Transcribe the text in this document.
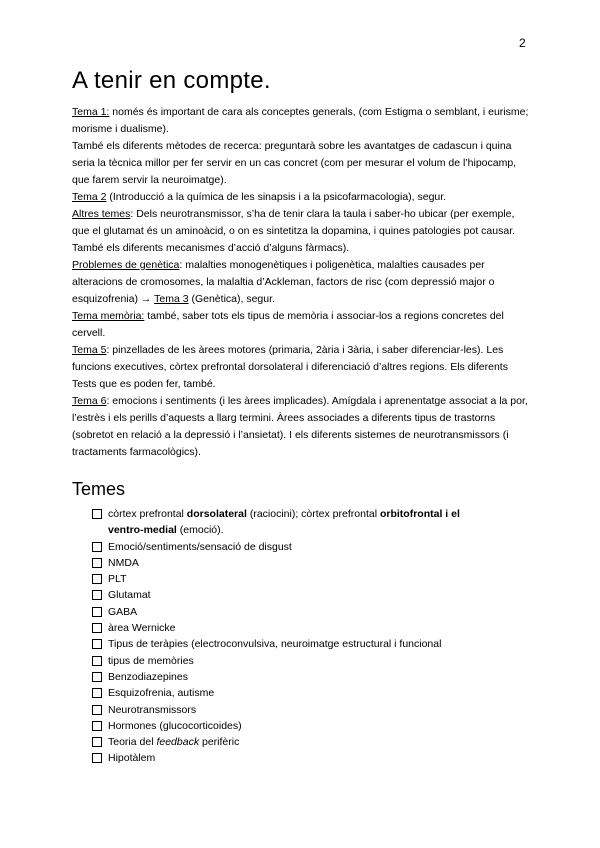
2
A tenir en compte.

Tema 1: només és important de cara als conceptes generals, (com Estigma o semblant, i eurisme; morisme i dualisme).

També els diferents mètodes de recerca: preguntarà sobre les avantatges de cadascun i quina seria la tècnica millor per fer servir en un cas concret (com per mesurar el volum de l’hipocamp, que farem servir la neuroimatge).

Tema 2 (Introducció a la química de les sinapsis i a la psicofarmacologia), segur.

Altres temes: Dels neurotransmissor, s’ha de tenir clara la taula i saber-ho ubicar (per exemple, que el glutamat és un aminoàcid, o on es sintetitza la dopamina, i quines patologies pot causar. També els diferents mecanismes d’acció d’alguns fàrmacs).

Problemes de genètica: malalties monogenètiques i poligenètica, malalties causades per alteracions de cromosomes, la malaltia d’Ackleman, factors de risc (com depressió major o esquizofrenia) → Tema 3 (Genètica), segur.

Tema memòria: també, saber tots els tipus de memòria i associar-los a regions concretes del cervell.

Tema 5: pinzellades de les àrees motores (primaria, 2ària i 3ària, i saber diferenciar-les). Les funcions executives, còrtex prefrontal dorsolateral i diferenciació d’altres regions. Els diferents Tests que es poden fer, també.

Tema 6: emocions i sentiments (i les àrees implicades). Amígdala i aprenentatge associat a la por, l’estrès i els perills d’aquests a llarg termini. Àrees associades a diferents tipus de trastorns (sobretot en relació a la depressió i l’ansietat). I els diferents sistemes de neurotransmissors (i tractaments farmacològics).

Temes
còrtex prefrontal dorsolateral (raciocini); còrtex prefrontal orbitofrontal i el ventro-medial (emoció).
Emoció/sentiments/sensació de disgust
NMDA
PLT
Glutamat
GABA
àrea Wernicke
Tipus de teràpies (electroconvulsiva, neuroimatge estructural i funcional
tipus de memòries
Benzodiazepines
Esquizofrenia, autisme
Neurotransmissors
Hormones (glucocorticoides)
Teoria del feedback perifèric
Hipotàlem
